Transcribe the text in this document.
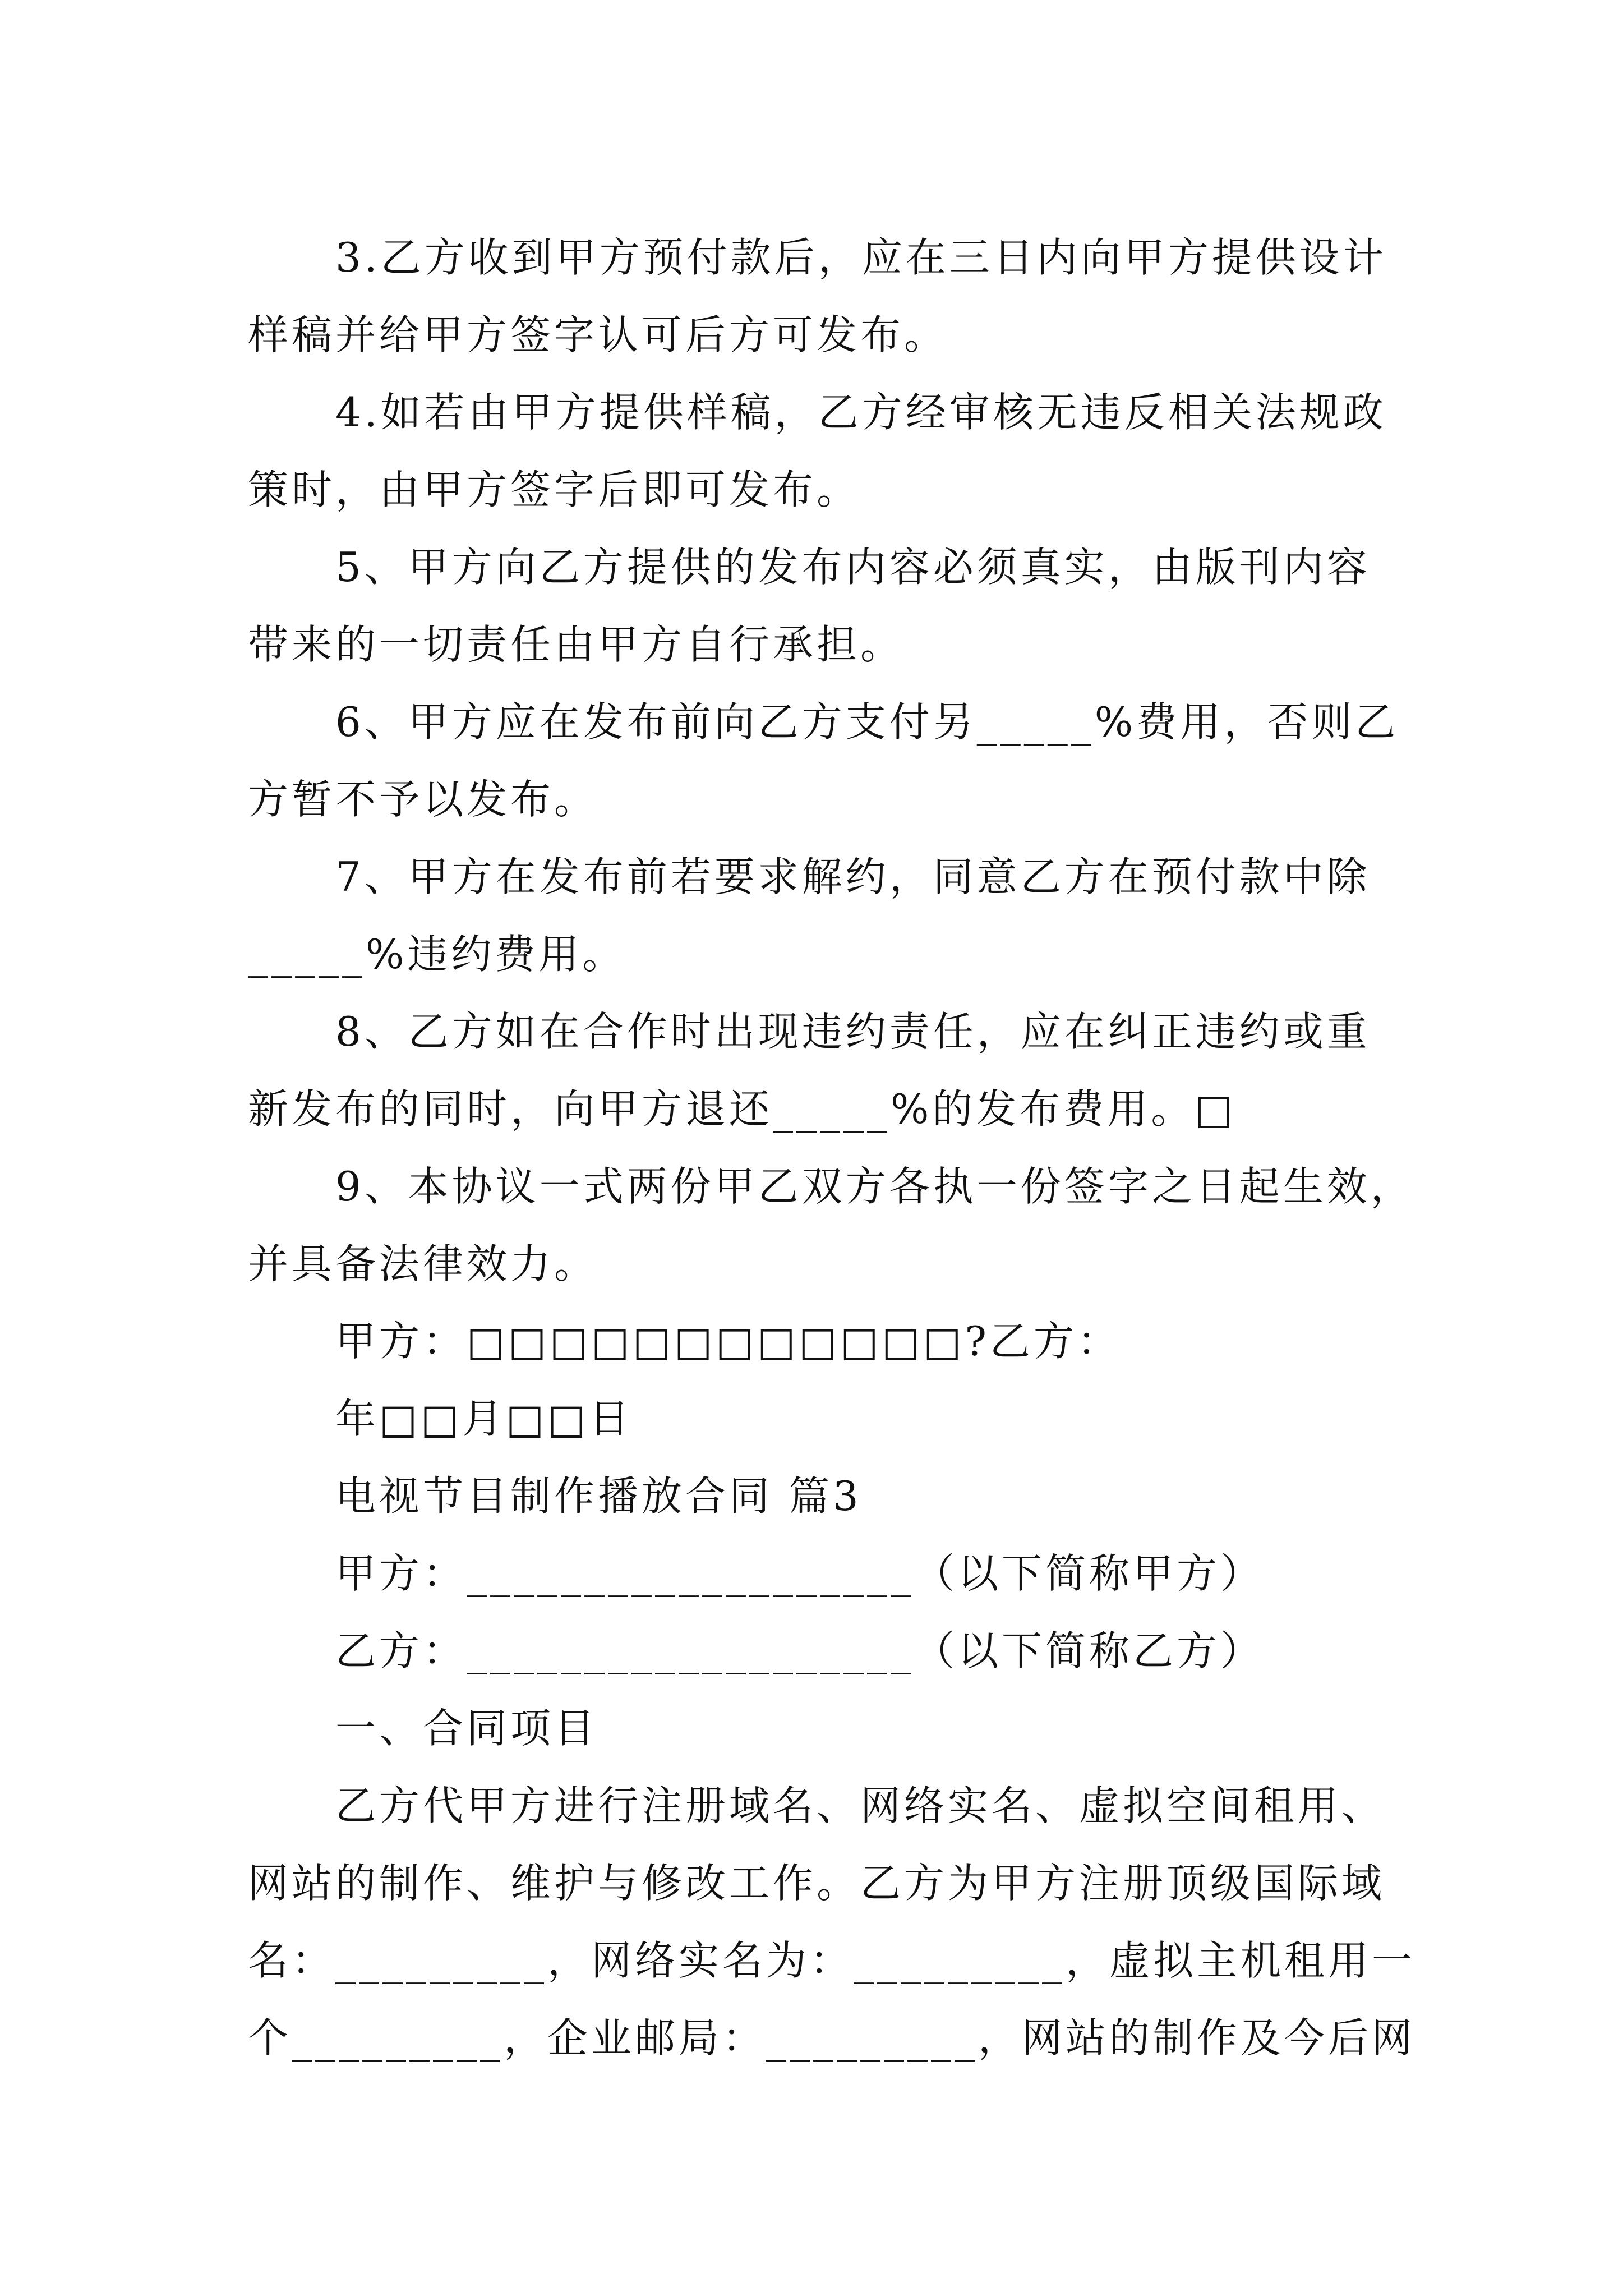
3.乙方收到甲方预付款后，应在三日内向甲方提供设计
样稿并给甲方签字认可后方可发布。
4.如若由甲方提供样稿，乙方经审核无违反相关法规政
策时，由甲方签字后即可发布。
5、甲方向乙方提供的发布内容必须真实，由版刊内容
带来的一切责任由甲方自行承担。
6、甲方应在发布前向乙方支付另_____%费用，否则乙
方暂不予以发布。
7、甲方在发布前若要求解约，同意乙方在预付款中除
_____%违约费用。
8、乙方如在合作时出现违约责任，应在纠正违约或重
新发布的同时，向甲方退还_____%的发布费用。□
9、本协议一式两份甲乙双方各执一份签字之日起生效，
并具备法律效力。
甲方：□□□□□□□□□□□□?乙方：
年□□月□□日
电视节目制作播放合同 篇3
甲方：___________________（以下简称甲方）
乙方：___________________（以下简称乙方）
一、合同项目
乙方代甲方进行注册域名、网络实名、虚拟空间租用、
网站的制作、维护与修改工作。乙方为甲方注册顶级国际域
名：_________，网络实名为：_________，虚拟主机租用一
个_________，企业邮局：_________，网站的制作及今后网
